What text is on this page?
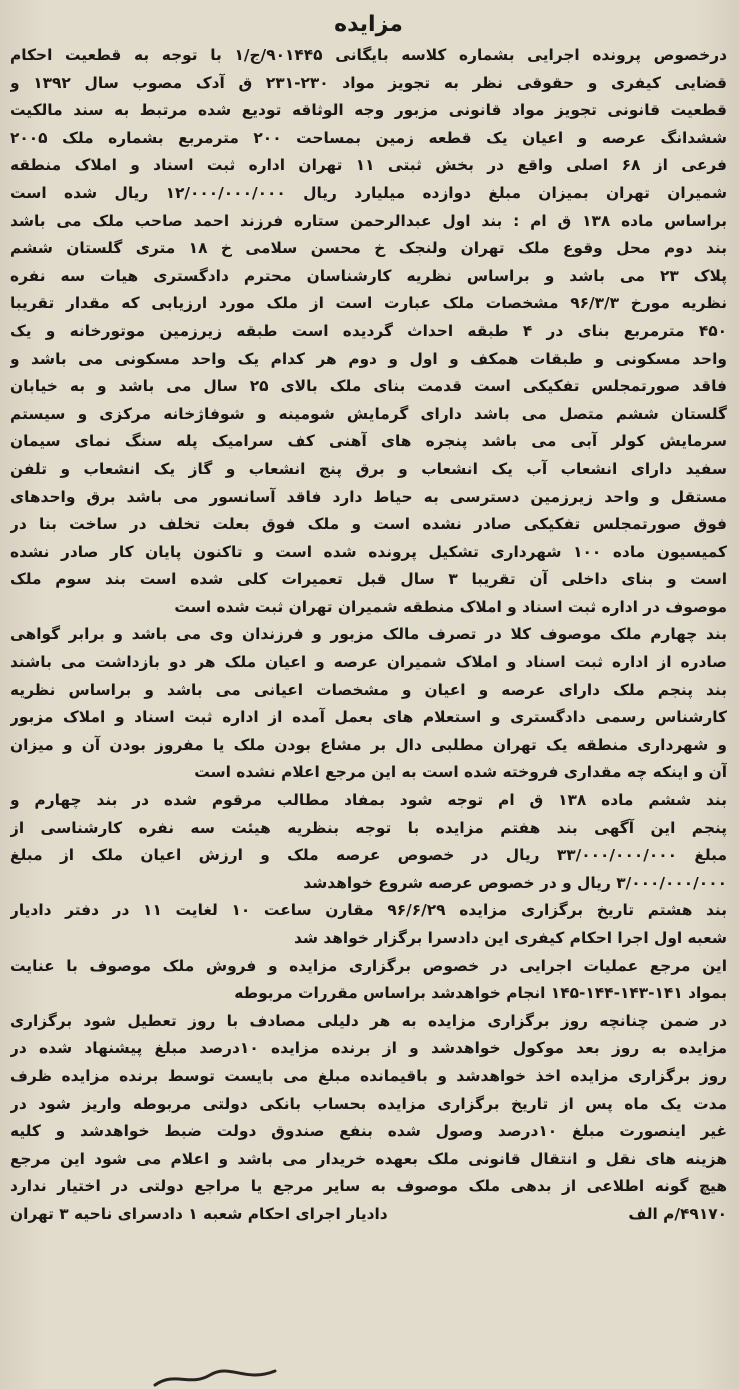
مزایده

درخصوص پرونده اجرایی بشماره کلاسه بایگانی ۹۰۱۴۴۵/ج/۱ با توجه به قطعیت احکام

قضایی کیفری و حقوقی نظر به تجویز مواد ۲۳۰-۲۳۱ ق آدک مصوب سال ۱۳۹۲ و

قطعیت قانونی تجویز مواد قانونی مزبور وجه الوثاقه تودیع شده مرتبط به سند مالکیت

ششدانگ عرصه و اعیان یک قطعه زمین بمساحت ۲۰۰ مترمربع بشماره ملک ۲۰۰۵

فرعی از ۶۸ اصلی واقع در بخش ثبتی ۱۱ تهران اداره ثبت اسناد و املاک منطقه

شمیران تهران بمیزان مبلغ دوازده میلیارد ریال ۱۲/۰۰۰/۰۰۰/۰۰۰ ریال شده است

براساس ماده ۱۳۸ ق ام : بند اول عبدالرحمن ستاره فرزند احمد صاحب ملک می باشد

بند دوم محل وقوع ملک تهران ولنجک خ محسن سلامی خ ۱۸ متری گلستان ششم

پلاک ۲۳ می باشد و براساس نظریه کارشناسان محترم دادگستری هیات سه نفره

نظریه مورخ ۹۶/۳/۳ مشخصات ملک عبارت است از ملک مورد ارزیابی که مقدار تقریبا

۴۵۰ مترمربع بنای در ۴ طبقه احداث گردیده است طبقه زیرزمین موتورخانه و یک

واحد مسکونی و طبقات همکف و اول و دوم هر کدام یک واحد مسکونی می باشد و

فاقد صورتمجلس تفکیکی است قدمت بنای ملک بالای ۲۵ سال می باشد و به خیابان

گلستان ششم متصل می باشد دارای گرمایش شومینه و شوفاژخانه مرکزی و سیستم

سرمایش کولر آبی می باشد پنجره های آهنی کف سرامیک پله سنگ نمای سیمان

سفید دارای انشعاب آب یک انشعاب و برق پنج انشعاب و گاز یک انشعاب و تلفن

مستقل و واحد زیرزمین دسترسی به حیاط دارد فاقد آسانسور می باشد برق واحدهای

فوق صورتمجلس تفکیکی صادر نشده است و ملک فوق بعلت تخلف در ساخت بنا در

کمیسیون ماده ۱۰۰ شهرداری تشکیل پرونده شده است و تاکنون پایان کار صادر نشده

است و بنای داخلی آن تقریبا ۳ سال قبل تعمیرات کلی شده است بند سوم ملک

موصوف در اداره ثبت اسناد و املاک منطقه شمیران تهران ثبت شده است

بند چهارم ملک موصوف کلا در تصرف مالک مزبور و فرزندان وی می باشد و برابر گواهی

صادره از اداره ثبت اسناد و املاک شمیران عرصه و اعیان ملک هر دو بازداشت می باشند

بند پنجم ملک دارای عرصه و اعیان و مشخصات اعیانی می باشد و براساس نظریه

کارشناس رسمی دادگستری و استعلام های بعمل آمده از اداره ثبت اسناد و املاک مزبور

و شهرداری منطقه یک تهران مطلبی دال بر مشاع بودن ملک یا مفروز بودن آن و میزان

آن و اینکه چه مقداری فروخته شده است به این مرجع اعلام نشده است

بند ششم ماده ۱۳۸ ق ام توجه شود بمفاد مطالب مرقوم شده در بند چهارم و

پنجم این آگهی بند هفتم مزایده با توجه بنظریه هیئت سه نفره کارشناسی از

مبلغ ۳۳/۰۰۰/۰۰۰/۰۰۰ ریال در خصوص عرصه ملک و ارزش اعیان ملک از مبلغ

۳/۰۰۰/۰۰۰/۰۰۰ ریال و در خصوص عرصه شروع خواهدشد

بند هشتم تاریخ برگزاری مزایده ۹۶/۶/۲۹ مقارن ساعت ۱۰ لغایت ۱۱ در دفتر دادیار

شعبه اول اجرا احکام کیفری این دادسرا برگزار خواهد شد

این مرجع عملیات اجرایی در خصوص برگزاری مزایده و فروش ملک موصوف با عنایت

بمواد ۱۴۱-۱۴۳-۱۴۴-۱۴۵ انجام خواهدشد براساس مقررات مربوطه

در ضمن چنانچه روز برگزاری مزایده به هر دلیلی مصادف با روز تعطیل شود برگزاری

مزایده به روز بعد موکول خواهدشد و از برنده مزایده ۱۰درصد مبلغ پیشنهاد شده در

روز برگزاری مزایده اخذ خواهدشد و باقیمانده مبلغ می بایست توسط برنده مزایده ظرف

مدت یک ماه پس از تاریخ برگزاری مزایده بحساب بانکی دولتی مربوطه واریز شود در

غیر اینصورت مبلغ ۱۰درصد وصول شده بنفع صندوق دولت ضبط خواهدشد و کلیه

هزینه های نقل و انتقال قانونی ملک بعهده خریدار می باشد و اعلام می شود این مرجع

هیچ گونه اطلاعی از بدهی ملک موصوف به سایر مرجع یا مراجع دولتی در اختیار ندارد

۴۹۱۷۰/م الف
دادیار اجرای احکام شعبه ۱ دادسرای ناحیه ۳ تهران
